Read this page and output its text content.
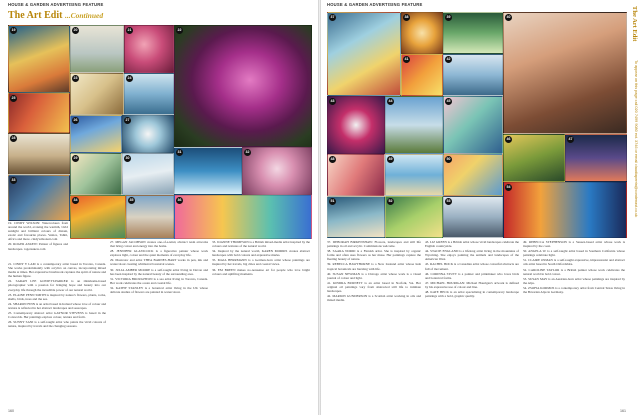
HOUSE & GARDEN ADVERTISING FEATURE
The Art Edit ...Continued
19	20	21	22
23	24
25
26	27
28
29	30
31	32
33
34	35	36

19. CINDY WILSON: Watercolours from around the world, evoking the warmth, vivid sunlight and brilliant colours of distant, exotic and favourite places. Venice, Tahiti, Africa and more. cindywilsonart.com

20. ROGER ASKEW: Painter of figures and landscapes. rogeraskew.com

21. CINDY Y LAM is a contemporary artist based in Toronto, Canada. She works predominantly with acrylics on canvas, incorporating mixed media at times. Her expressive brushwork captures the spirit of nature and the human figure.

22. SARAH LEE GOSSETT-PARKER is an Oklahoma-based photographer with a passion for bringing hope and beauty into our everyday life through the incredible power of our natural world.

23. ELAINE PENN SMITH is inspired by nature's flowers, plants, rocks, shells, birds, trees and the sea.

24. SHARON FINN is an artist based in Ireland whose love of colour and texture is reflected in her abstract landscapes and seascapes.

25. Contemporary abstract artist GAYNOR STEVENS is based in the Cotswolds. Her paintings explore colour, texture and form.

26. SUNNY SANI is a self-taught artist who paints the vivid colours of nature, inspired by travels and the changing seasons.

27. MEGAN JACOBSON creates one-of-a-kind, abstract resin artworks that bring colour and energy into the home.

28. JENNIFER GLASSCOCK is a figurative painter whose work explores light, colour and the quiet moments of everyday life.

29. Illustrator and artist THEA BARNES-HART works in pen, ink and watercolour creating whimsical botanical scenes.

30. JULIA AMBER MOORE is a self-taught artist living in Devon and has been inspired by the natural beauty of the surrounding area.

31. VICTORIA BROUGHTON is a sea artist living in Toronto, Canada. Her work celebrates the ocean and coastal life.

32. KATHY STANLEY is a botanical artist living in the UK whose delicate studies of flowers are painted in watercolour.

33. JOANNE THOMPSON is a British mixed-media artist inspired by the colours and textures of the natural world.

34. Inspired by the natural world, KAREN MORRIS creates abstract landscapes with bold colours and expressive marks.

35. MAJA HERRMANN is a German-born artist whose paintings are inspired by her travels, big cities and coastal views.

36. EM BREEN makes no-nonsense art for people who love bright colours and uplifting moments.

160
HOUSE & GARDEN ADVERTISING FEATURE
37	38	39	40
41	42
43	44	45
46	47
48	49	50
51	52	53
54

37. DEBORAH BIRKENSHAW: Flowers, landscapes and still life paintings in oil and acrylic. Commissions welcome.

38. SAARA NORRI is a Finnish artist. She is inspired by organic forms and often uses flowers as her muse. Her paintings capture the fleeting beauty of nature.

39. REBECCA HAWTHORNE is a New Zealand artist whose lush tropical botanicals are bursting with life.

40. SUSAN NEWMAN is a Chicago artist whose work is a visual journal of colour and light.

41. KINDRA BURNETT is an artist based in Norfolk, VA. Her original oil paintings vary from abstracted still life to intimate landscapes.

42. MARION GUNDERSON is a Scottish artist working in oils and mixed media.

43. LIZ GREEN is a British artist whose vivid landscapes celebrate the English countryside.

44. STACIE ENGLAND is a lifelong artist living in the mountains of Wyoming. She enjoys painting the animals and landscapes of the American West.

45. RACHEL BOCK is a Canadian artist whose colourful abstracts are full of movement.

46. CORINNA STUTT is a painter and printmaker who loves birds and botanical forms.

47. MICHAEL HOURIGAN: Michael Hourigan's artwork is defined by his expressive use of colour and line.

48. KATE BECK is an artist specialising in contemporary landscape paintings with a bold, graphic quality.

49. REBECCA STEPHENSON is a Sussex-based artist whose work is inspired by the coast.

50. ANGELA W. is a self-taught artist based in Southern California whose paintings celebrate light.

51. CLAIRE OSMAN is a self-taught expressive, impressionist and abstract oils artist based in South Oxfordshire.

52. CAROLINE TAYLOR is a British painter whose work celebrates the natural world in bold colour.

53. SUSAN MAY is an Austrian-born artist whose paintings are inspired by the Alps.

54. ZSOFIA KORMOS is a contemporary artist from Central Texas living in the Bavarian Alps in Germany.

The Art Edit
To appear on this page call 020 7499 9080 ext. 3746 or email claudiaperrin@condenast.co.uk
161
